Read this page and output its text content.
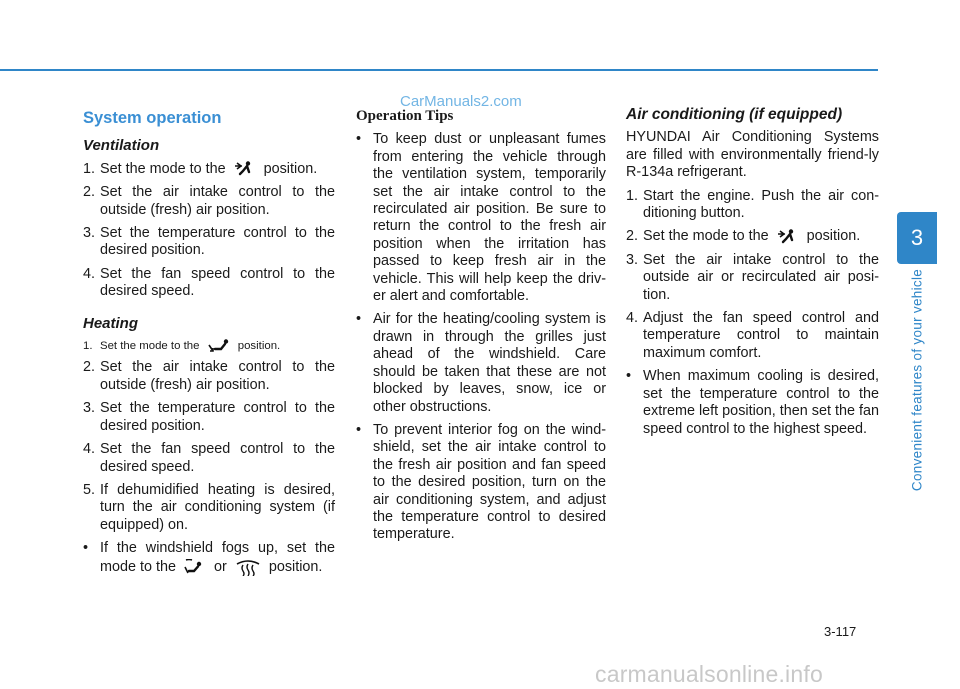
CarManuals2.com
System operation
Ventilation
1. Set the mode to the	position.
2. Set the air intake control to the outside (fresh) air position.
3. Set the temperature control to the desired position.
4. Set the fan speed control to the desired speed.
Heating
1. Set the mode to the	position.
2. Set the air intake control to the outside (fresh) air position.
3. Set the temperature control to the desired position.
4. Set the fan speed control to the desired speed.
5. If dehumidified heating is desired, turn the air conditioning system (if equipped) on.
• If the windshield fogs up, set the mode to the	or	position.
Operation Tips
• To keep dust or unpleasant fumes from entering the vehicle through the ventilation system, temporarily set the air intake control to the recirculated air position. Be sure to return the control to the fresh air position when the irritation has passed to keep fresh air in the vehicle. This will help keep the driv-er alert and comfortable.
• Air for the heating/cooling system is drawn in through the grilles just ahead of the windshield. Care should be taken that these are not blocked by leaves, snow, ice or other obstructions.
• To prevent interior fog on the wind-shield, set the air intake control to the fresh air position and fan speed to the desired position, turn on the air conditioning system, and adjust the temperature control to desired temperature.
Air conditioning (if equipped)
HYUNDAI Air Conditioning Systems are filled with environmentally friend-ly R-134a refrigerant.
1. Start the engine. Push the air con-ditioning button.
2. Set the mode to the	position.
3. Set the air intake control to the outside air or recirculated air posi-tion.
4. Adjust the fan speed control and temperature control to maintain maximum comfort.
• When maximum cooling is desired, set the temperature control to the extreme left position, then set the fan speed control to the highest speed.
3
Convenient features of your vehicle
3-117
carmanualsonline.info
